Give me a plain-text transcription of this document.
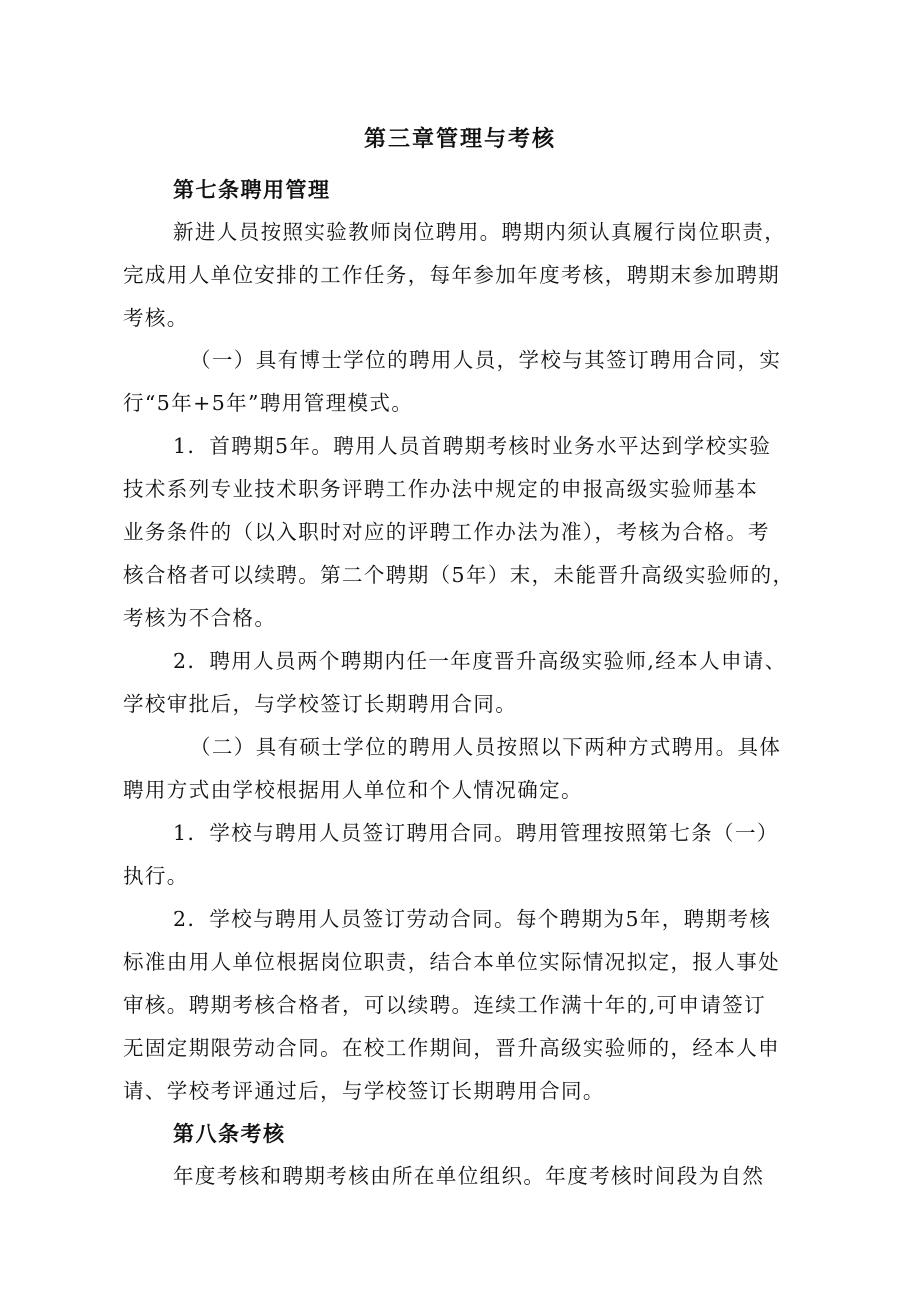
第三章管理与考核
第七条聘用管理
新进人员按照实验教师岗位聘用。聘期内须认真履行岗位职责，
完成用人单位安排的工作任务，每年参加年度考核，聘期末参加聘期
考核。
（一）具有博士学位的聘用人员，学校与其签订聘用合同，实
行“5年+5年”聘用管理模式。
1．首聘期5年。聘用人员首聘期考核时业务水平达到学校实验
技术系列专业技术职务评聘工作办法中规定的申报高级实验师基本
业务条件的（以入职时对应的评聘工作办法为准），考核为合格。考
核合格者可以续聘。第二个聘期（5年）末，未能晋升高级实验师的，
考核为不合格。
2．聘用人员两个聘期内任一年度晋升高级实验师,经本人申请、
学校审批后，与学校签订长期聘用合同。
（二）具有硕士学位的聘用人员按照以下两种方式聘用。具体
聘用方式由学校根据用人单位和个人情况确定。
1．学校与聘用人员签订聘用合同。聘用管理按照第七条（一）
执行。
2．学校与聘用人员签订劳动合同。每个聘期为5年，聘期考核
标准由用人单位根据岗位职责，结合本单位实际情况拟定，报人事处
审核。聘期考核合格者，可以续聘。连续工作满十年的,可申请签订
无固定期限劳动合同。在校工作期间，晋升高级实验师的，经本人申
请、学校考评通过后，与学校签订长期聘用合同。
第八条考核
年度考核和聘期考核由所在单位组织。年度考核时间段为自然
